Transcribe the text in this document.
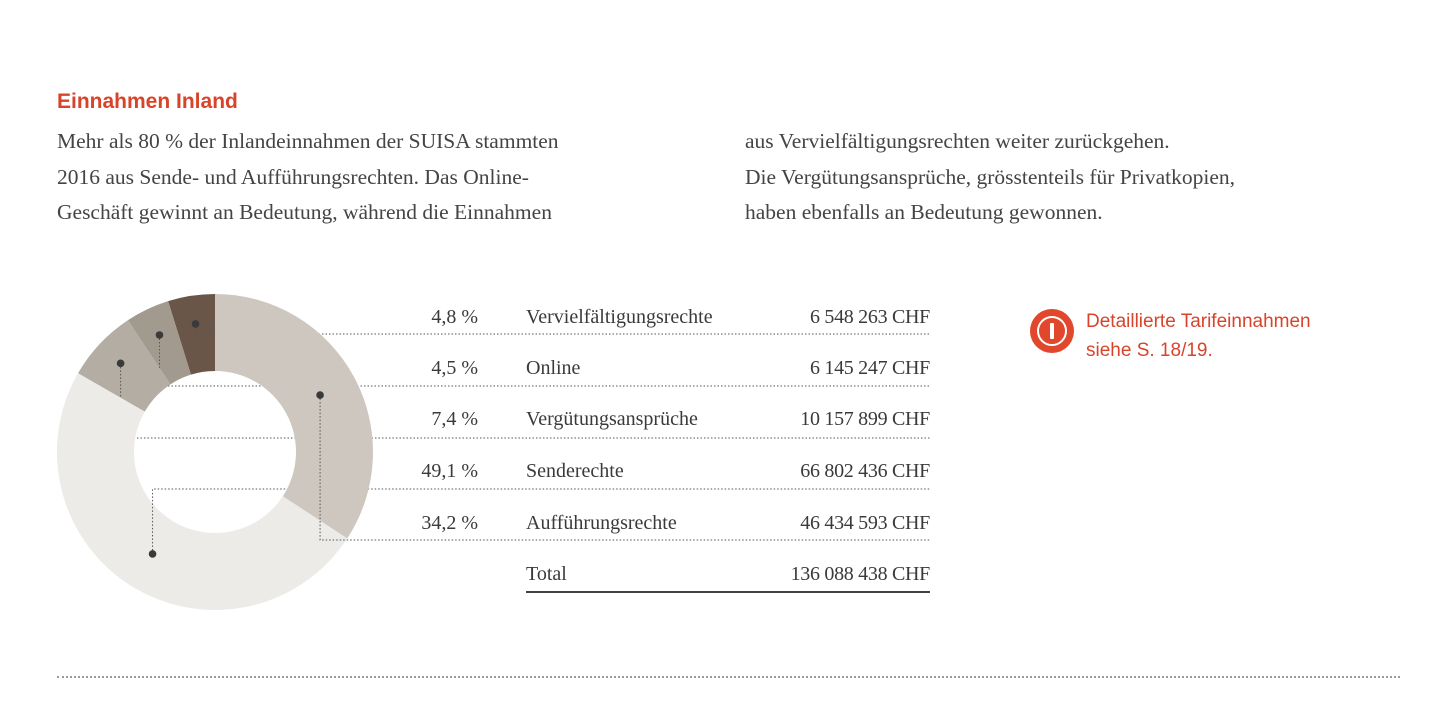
Einnahmen Inland

Mehr als 80 % der Inlandeinnahmen der SUISA stammten
2016 aus Sende- und Aufführungsrechten. Das Online-
Geschäft gewinnt an Bedeutung, während die Einnahmen

aus Vervielfältigungsrechten weiter zurückgehen.
Die Vergütungsansprüche, grösstenteils für Privatkopien,
haben ebenfalls an Bedeutung gewonnen.

4,8 % Vervielfältigungsrechte	6 548 263 CHF
4,5 % Online	6 145 247 CHF
7,4 % Vergütungsansprüche	10 157 899 CHF
49,1 % Senderechte	66 802 436 CHF
34,2 % Aufführungsrechte	46 434 593 CHF
Total	136 088 438 CHF

Detaillierte Tarifeinnahmen
siehe S. 18/19.
